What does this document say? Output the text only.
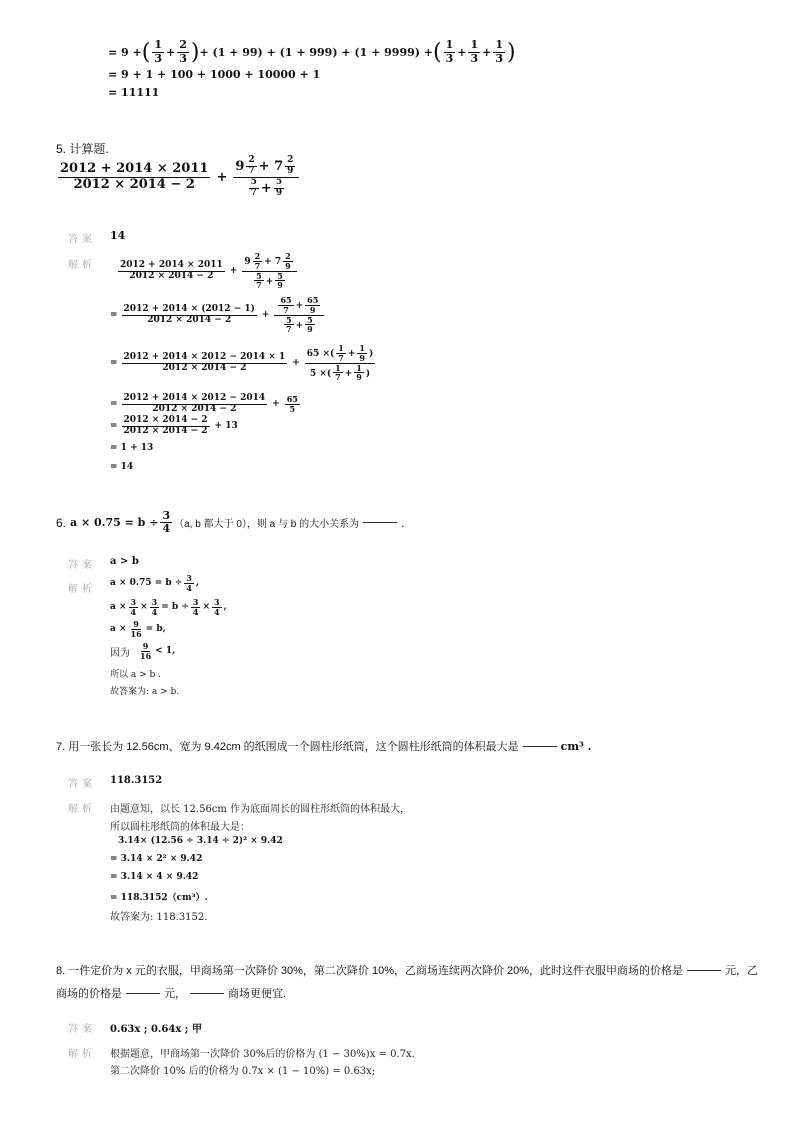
= 9 + ( $\frac{1}{3} + \frac{2}{3}$ ) + (1 + 99) + (1 + 999) + (1 + 9999) + ( $\frac{1}{3} + \frac{1}{3} + \frac{1}{3}$ )
= 9 + 1 + 100 + 1000 + 10000 + 1
= 11111
5. 计算题.
$\frac{2012 + 2014 \times 2011}{2012 \times 2014 - 2} + \frac{9 \frac{2}{7} + 7 \frac{2}{9}}{\frac{5}{7} + \frac{5}{9}}$
答案 14
解析 $\frac{2012 + 2014 \times 2011}{2012 \times 2014 - 2} + \frac{9 \frac{2}{7} + 7 \frac{2}{9}}{\frac{5}{7} + \frac{5}{9}}$
= $\frac{2012 + 2014 \times (2012 - 1)}{2012 \times 2014 - 2} + \frac{\frac{65}{7} + \frac{65}{9}}{\frac{5}{7} + \frac{5}{9}}$
= $\frac{2012 + 2014 \times 2012 - 2014 \times 1}{2012 \times 2014 - 2} + \frac{65 \times( \frac{1}{7} + \frac{1}{9} )}{5 \times( \frac{1}{7} + \frac{1}{9} )}$
= $\frac{2012 + 2014 \times 2012 - 2014}{2012 \times 2014 - 2} + \frac{65}{5}$
= $\frac{2012 \times 2014 - 2}{2012 \times 2014 - 2} + 13$
= 1 + 13
= 14
6. $a \times 0.75 = b \div \frac{3}{4} (a$, b 都大于 0），则 a 与 b 的大小关系为	.
答案 a > b
解析
$a \times 0.75 = b \div \frac{3}{4}$ ,
$a \times \frac{3}{4} \times \frac{3}{4} = b \div \frac{3}{4} \times \frac{3}{4}$ ,
$a \times \frac{9}{16} = b$,
因为 $\frac{9}{16} < 1$,
所以 a > b .
故答案为: a > b.
7. 用一张长为 12.56cm、宽为 9.42cm 的纸围成一个圆柱形纸筒，这个圆柱形纸筒的体积最大是	cm³ .
答案 118.3152
解析 由题意知，以长 12.56cm 作为底面周长的圆柱形纸筒的体积最大，
所以圆柱形纸筒的体积最大是：
3.14× (12.56 ÷ 3.14 ÷ 2)² × 9.42
= 3.14 × 2² × 9.42
= 3.14 × 4 × 9.42
= 118.3152（cm³）.
故答案为: 118.3152.
8. 一件定价为 x 元的衣服，甲商场第一次降价 30%，第二次降价 10%，乙商场连续两次降价 20%，此时这件衣服甲商场的价格是	元，乙
商场的价格是	元，	商场更便宜.
答案 0.63x ; 0.64x ; 甲
解析 根据题意，甲商场第一次降价 30%后的价格为 (1 − 30%)x = 0.7x.
第二次降价 10% 后的价格为 0.7x × (1 − 10%) = 0.63x;
